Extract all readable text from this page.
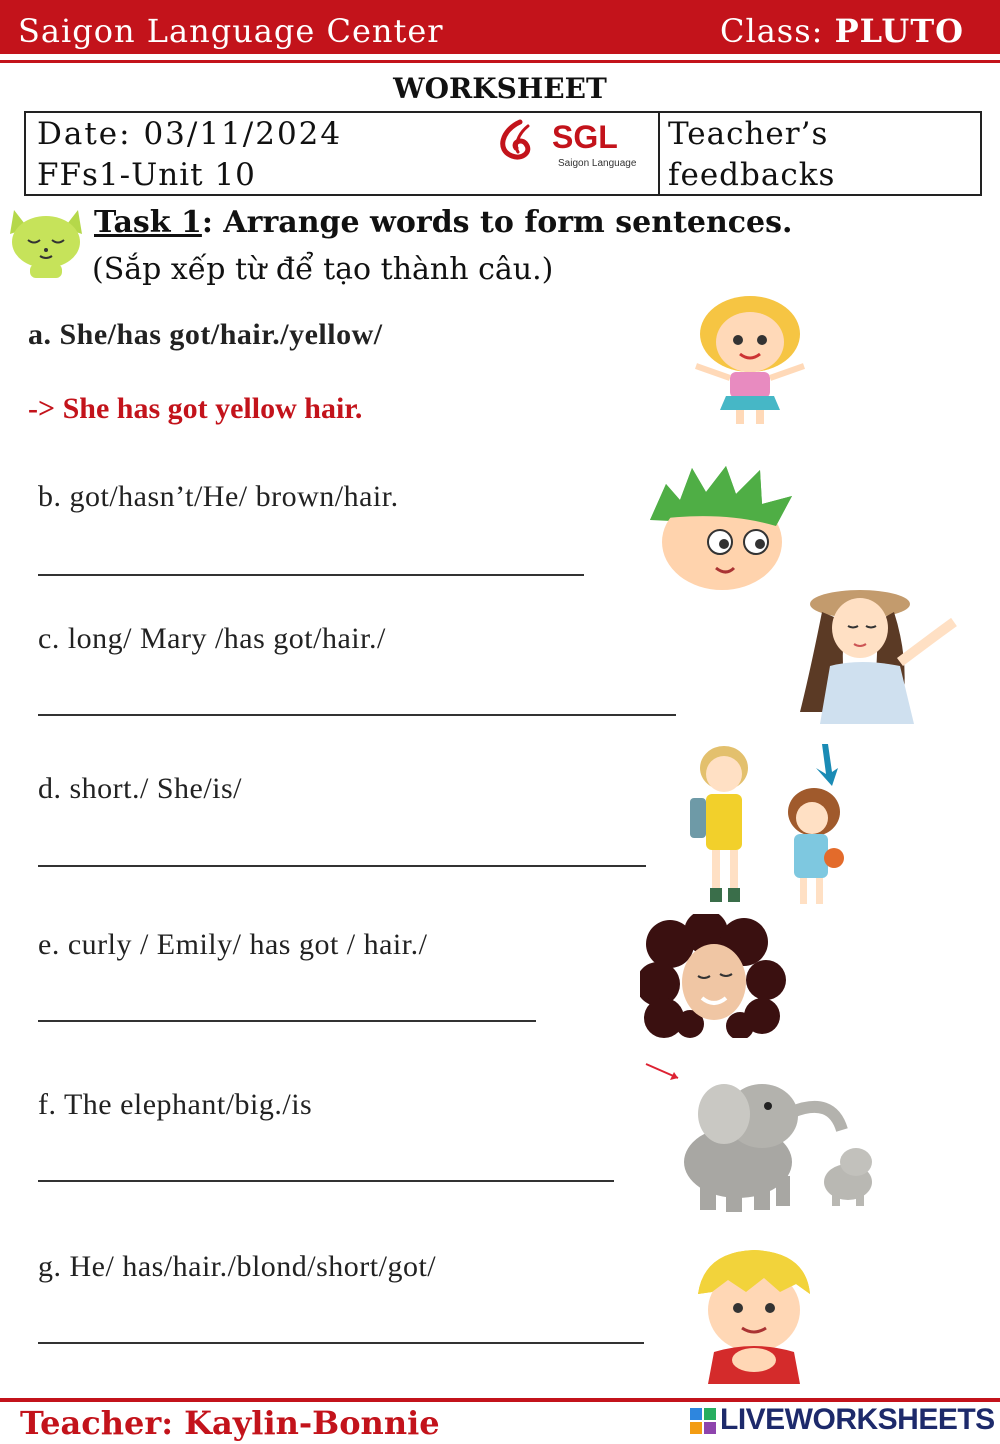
Saigon Language Center	Class: PLUTO
WORKSHEET
Date: 03/11/2024
FFs1-Unit 10
Teacher’s
feedbacks
SGL
Saigon Language
Task 1: Arrange words to form sentences.
(Sắp xếp từ để tạo thành câu.)
a. She/has got/hair./yellow/
-> She has got yellow hair.
b. got/hasn’t/He/ brown/hair.
c. long/ Mary /has got/hair./
d. short./ She/is/
e. curly / Emily/ has got / hair./
f. The elephant/big./is
g. He/ has/hair./blond/short/got/
Teacher: Kaylin-Bonnie	LIVEWORKSHEETS
